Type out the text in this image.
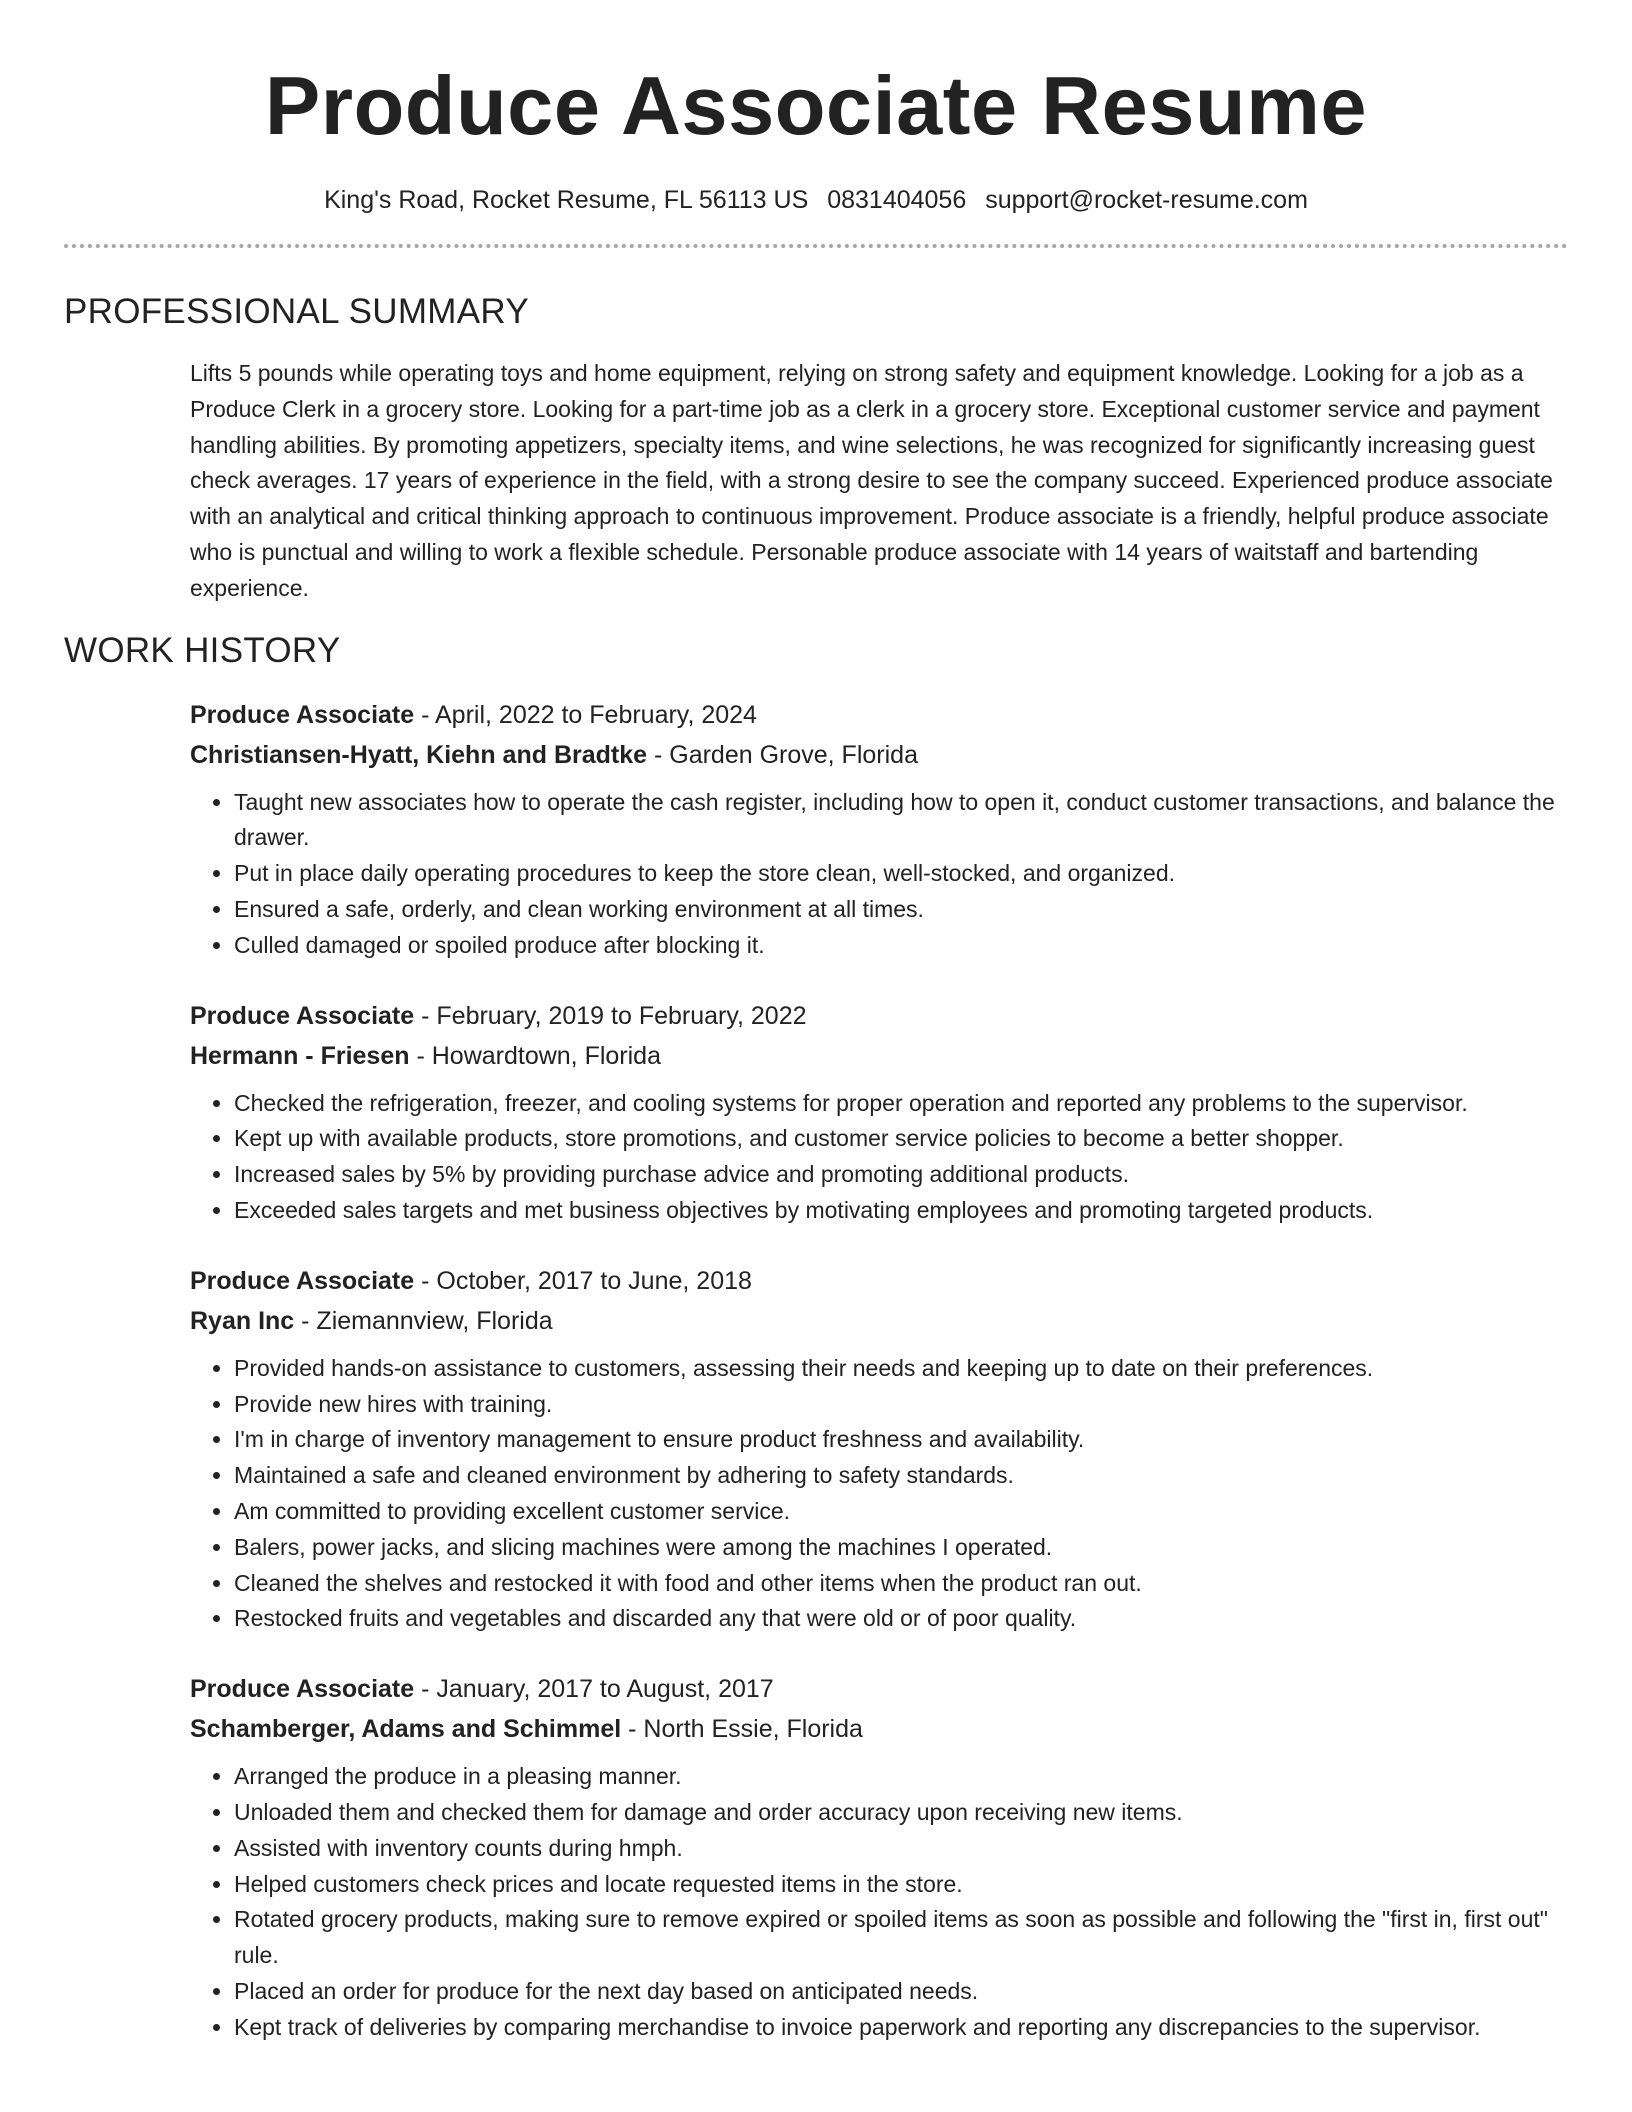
Produce Associate Resume
King's Road, Rocket Resume, FL 56113 US 0831404056 support@rocket-resume.com
PROFESSIONAL SUMMARY

Lifts 5 pounds while operating toys and home equipment, relying on strong safety and equipment knowledge. Looking for a job as a Produce Clerk in a grocery store. Looking for a part-time job as a clerk in a grocery store. Exceptional customer service and payment handling abilities. By promoting appetizers, specialty items, and wine selections, he was recognized for significantly increasing guest check averages. 17 years of experience in the field, with a strong desire to see the company succeed. Experienced produce associate with an analytical and critical thinking approach to continuous improvement. Produce associate is a friendly, helpful produce associate who is punctual and willing to work a flexible schedule. Personable produce associate with 14 years of waitstaff and bartending experience.

WORK HISTORY
Produce Associate - April, 2022 to February, 2024
Christiansen-Hyatt, Kiehn and Bradtke - Garden Grove, Florida
• Taught new associates how to operate the cash register, including how to open it, conduct customer transactions, and balance the drawer.
• Put in place daily operating procedures to keep the store clean, well-stocked, and organized.
• Ensured a safe, orderly, and clean working environment at all times.
• Culled damaged or spoiled produce after blocking it.
Produce Associate - February, 2019 to February, 2022
Hermann - Friesen - Howardtown, Florida
• Checked the refrigeration, freezer, and cooling systems for proper operation and reported any problems to the supervisor.
• Kept up with available products, store promotions, and customer service policies to become a better shopper.
• Increased sales by 5% by providing purchase advice and promoting additional products.
• Exceeded sales targets and met business objectives by motivating employees and promoting targeted products.
Produce Associate - October, 2017 to June, 2018
Ryan Inc - Ziemannview, Florida
• Provided hands-on assistance to customers, assessing their needs and keeping up to date on their preferences.
• Provide new hires with training.
• I'm in charge of inventory management to ensure product freshness and availability.
• Maintained a safe and cleaned environment by adhering to safety standards.
• Am committed to providing excellent customer service.
• Balers, power jacks, and slicing machines were among the machines I operated.
• Cleaned the shelves and restocked it with food and other items when the product ran out.
• Restocked fruits and vegetables and discarded any that were old or of poor quality.
Produce Associate - January, 2017 to August, 2017
Schamberger, Adams and Schimmel - North Essie, Florida
• Arranged the produce in a pleasing manner.
• Unloaded them and checked them for damage and order accuracy upon receiving new items.
• Assisted with inventory counts during hmph.
• Helped customers check prices and locate requested items in the store.
• Rotated grocery products, making sure to remove expired or spoiled items as soon as possible and following the "first in, first out" rule.
• Placed an order for produce for the next day based on anticipated needs.
• Kept track of deliveries by comparing merchandise to invoice paperwork and reporting any discrepancies to the supervisor.
